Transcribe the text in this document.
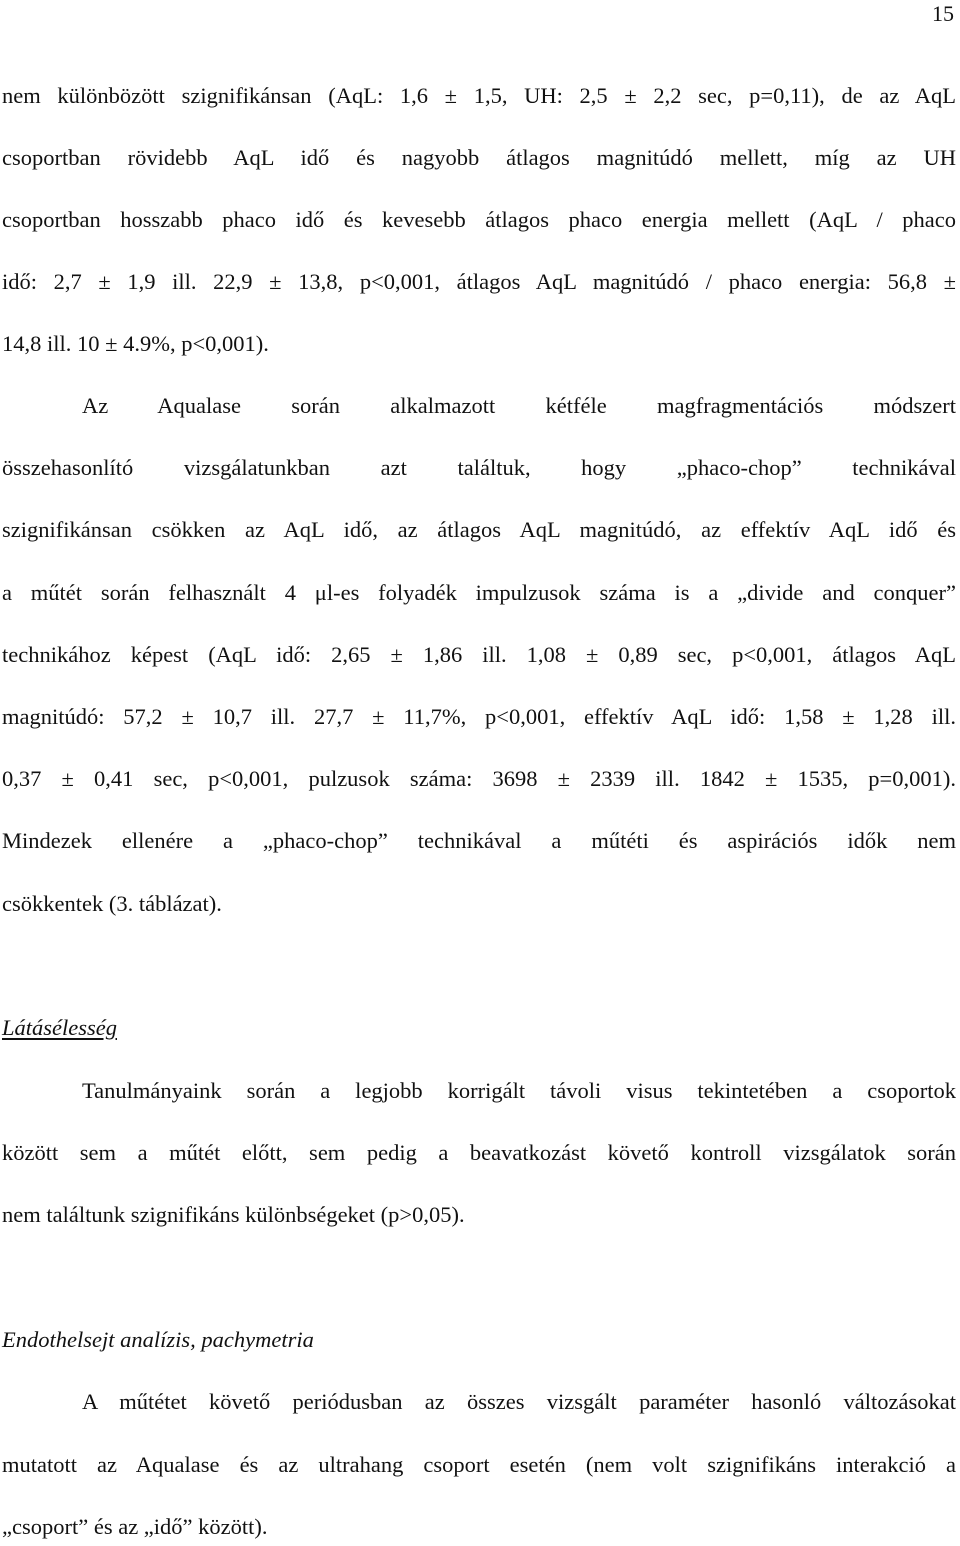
15
nem különbözött szignifikánsan (AqL: 1,6 ± 1,5, UH: 2,5 ± 2,2 sec, p=0,11), de az AqL
csoportban rövidebb AqL idő és nagyobb átlagos magnitúdó mellett, míg az UH
csoportban hosszabb phaco idő és kevesebb átlagos phaco energia mellett (AqL / phaco
idő: 2,7 ± 1,9 ill. 22,9 ± 13,8, p<0,001, átlagos AqL magnitúdó / phaco energia: 56,8 ±
14,8 ill. 10 ± 4.9%, p<0,001).
Az Aqualase során alkalmazott kétféle magfragmentációs módszert
összehasonlító vizsgálatunkban azt találtuk, hogy „phaco-chop” technikával
szignifikánsan csökken az AqL idő, az átlagos AqL magnitúdó, az effektív AqL idő és
a műtét során felhasznált 4 μl-es folyadék impulzusok száma is a „divide and conquer”
technikához képest (AqL idő: 2,65 ± 1,86 ill. 1,08 ± 0,89 sec, p<0,001, átlagos AqL
magnitúdó: 57,2 ± 10,7 ill. 27,7 ± 11,7%, p<0,001, effektív AqL idő: 1,58 ± 1,28 ill.
0,37 ± 0,41 sec, p<0,001, pulzusok száma: 3698 ± 2339 ill. 1842 ± 1535, p=0,001).
Mindezek ellenére a „phaco-chop” technikával a műtéti és aspirációs idők nem
csökkentek (3. táblázat).
Látásélesség
Tanulmányaink során a legjobb korrigált távoli visus tekintetében a csoportok
között sem a műtét előtt, sem pedig a beavatkozást követő kontroll vizsgálatok során
nem találtunk szignifikáns különbségeket (p>0,05).
Endothelsejt analízis, pachymetria
A műtétet követő periódusban az összes vizsgált paraméter hasonló változásokat
mutatott az Aqualase és az ultrahang csoport esetén (nem volt szignifikáns interakció a
„csoport” és az „idő” között).
